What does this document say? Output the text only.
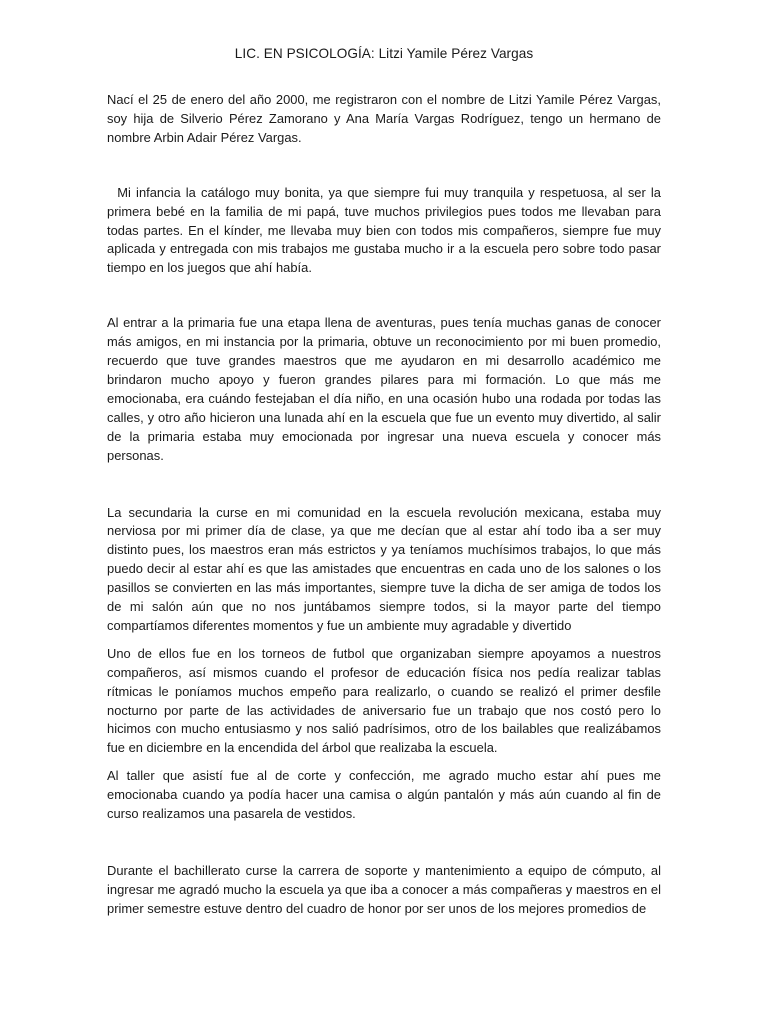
LIC. EN PSICOLOGÍA: Litzi Yamile Pérez Vargas

Nací el 25 de enero del año 2000, me registraron con el nombre de Litzi Yamile Pérez Vargas, soy hija de Silverio Pérez Zamorano y Ana María Vargas Rodríguez, tengo un hermano de nombre Arbin Adair Pérez Vargas.

Mi infancia la catálogo muy bonita, ya que siempre fui muy tranquila y respetuosa, al ser la primera bebé en la familia de mi papá, tuve muchos privilegios pues todos me llevaban para todas partes. En el kínder, me llevaba muy bien con todos mis compañeros, siempre fue muy aplicada y entregada con mis trabajos me gustaba mucho ir a la escuela pero sobre todo pasar tiempo en los juegos que ahí había.

Al entrar a la primaria fue una etapa llena de aventuras, pues tenía muchas ganas de conocer más amigos, en mi instancia por la primaria, obtuve un reconocimiento por mi buen promedio, recuerdo que tuve grandes maestros que me ayudaron en mi desarrollo académico me brindaron mucho apoyo y fueron grandes pilares para mi formación. Lo que más me emocionaba, era cuándo festejaban el día niño, en una ocasión hubo una rodada por todas las calles, y otro año hicieron una lunada ahí en la escuela que fue un evento muy divertido, al salir de la primaria estaba muy emocionada por ingresar una nueva escuela y conocer más personas.

La secundaria la curse en mi comunidad en la escuela revolución mexicana, estaba muy nerviosa por mi primer día de clase, ya que me decían que al estar ahí todo iba a ser muy distinto pues, los maestros eran más estrictos y ya teníamos muchísimos trabajos, lo que más puedo decir al estar ahí es que las amistades que encuentras en cada uno de los salones o los pasillos se convierten en las más importantes, siempre tuve la dicha de ser amiga de todos los de mi salón aún que no nos juntábamos siempre todos, si la mayor parte del tiempo compartíamos diferentes momentos y fue un ambiente muy agradable y divertido

Uno de ellos fue en los torneos de futbol que organizaban siempre apoyamos a nuestros compañeros, así mismos cuando el profesor de educación física nos pedía realizar tablas rítmicas le poníamos muchos empeño para realizarlo, o cuando se realizó el primer desfile nocturno por parte de las actividades de aniversario fue un trabajo que nos costó pero lo hicimos con mucho entusiasmo y nos salió padrísimos, otro de los bailables que realizábamos fue en diciembre en la encendida del árbol que realizaba la escuela.

Al taller que asistí fue al de corte y confección, me agrado mucho estar ahí pues me emocionaba cuando ya podía hacer una camisa o algún pantalón y más aún cuando al fin de curso realizamos una pasarela de vestidos.

Durante el bachillerato curse la carrera de soporte y mantenimiento a equipo de cómputo, al ingresar me agradó mucho la escuela ya que iba a conocer a más compañeras y maestros en el primer semestre estuve dentro del cuadro de honor por ser unos de los mejores promedios de
